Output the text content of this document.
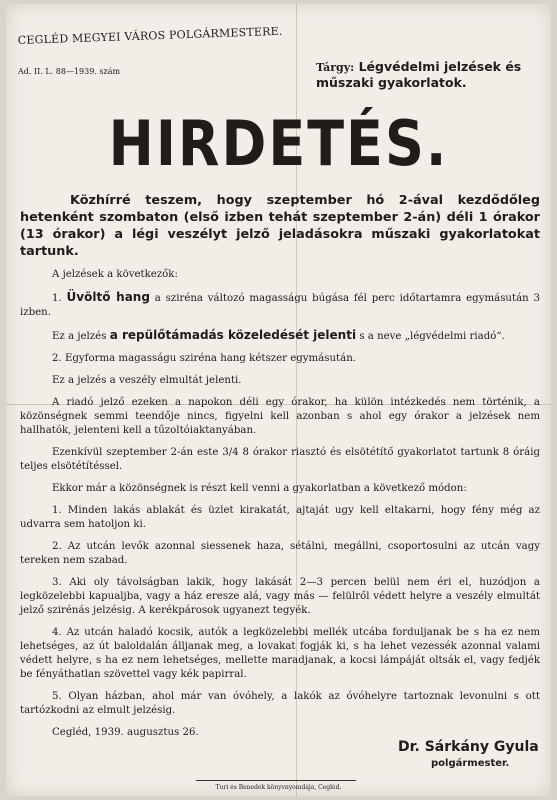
CEGLÉD MEGYEI VÁROS POLGÁRMESTERE.
Ad. II. L. 88—1939. szám	Tárgy: Légvédelmi jelzések és műszaki gyakorlatok.
HIRDETÉS.

Közhírré teszem, hogy szeptember hó 2-ával kezdődőleg hetenként szombaton (első izben tehát szeptember 2-án) déli 1 órakor (13 órakor) a légi veszélyt jelző jeladásokra műszaki gyakorlatokat tartunk.

A jelzések a következők:

1. Üvöltő hang a sziréna változó magasságu búgása fél perc időtartamra egymásután 3 izben.

Ez a jelzés a repülőtámadás közeledését jelenti s a neve „légvédelmi riadó“.

2. Egyforma magasságu sziréna hang kétszer egymásután.

Ez a jelzés a veszély elmultát jelenti.

A riadó jelző ezeken a napokon déli egy órakor, ha külön intézkedés nem történik, a közönségnek semmi teendője nincs, figyelni kell azonban s ahol egy órakor a jelzések nem hallhatók, jelenteni kell a tűzoltóiaktanyában.

Ezenkívül szeptember 2-án este 3/4 8 órakor riasztó és elsötétítő gyakorlatot tartunk 8 óráig teljes elsötétítéssel.

Ekkor már a közönségnek is részt kell venni a gyakorlatban a következő módon:

1. Minden lakás ablakát és üzlet kirakatát, ajtaját ugy kell eltakarni, hogy fény még az udvarra sem hatoljon ki.

2. Az utcán levők azonnal siessenek haza, sétálni, megállni, csoportosulni az utcán vagy tereken nem szabad.

3. Aki oly távolságban lakik, hogy lakását 2—3 percen belül nem éri el, huzódjon a legközelebbi kapualjba, vagy a ház eresze alá, vagy más — felülről védett helyre a veszély elmultát jelző szirénás jelzésig. A kerékpárosok ugyanezt tegyék.

4. Az utcán haladó kocsik, autók a legközelebbi mellék utcába forduljanak be s ha ez nem lehetséges, az út baloldalán álljanak meg, a lovakat fogják ki, s ha lehet vezessék azonnal valami védett helyre, s ha ez nem lehetséges, mellette maradjanak, a kocsi lámpáját oltsák el, vagy fedjék be fényáthatlan szövettel vagy kék papirral.

5. Olyan házban, ahol már van óvóhely, a lakók az óvóhelyre tartoznak levonulni s ott tartózkodni az elmult jelzésig.

Cegléd, 1939. augusztus 26.

Dr. Sárkány Gyula
polgármester.
Turi és Benedek könyvnyomdája, Cegléd.
